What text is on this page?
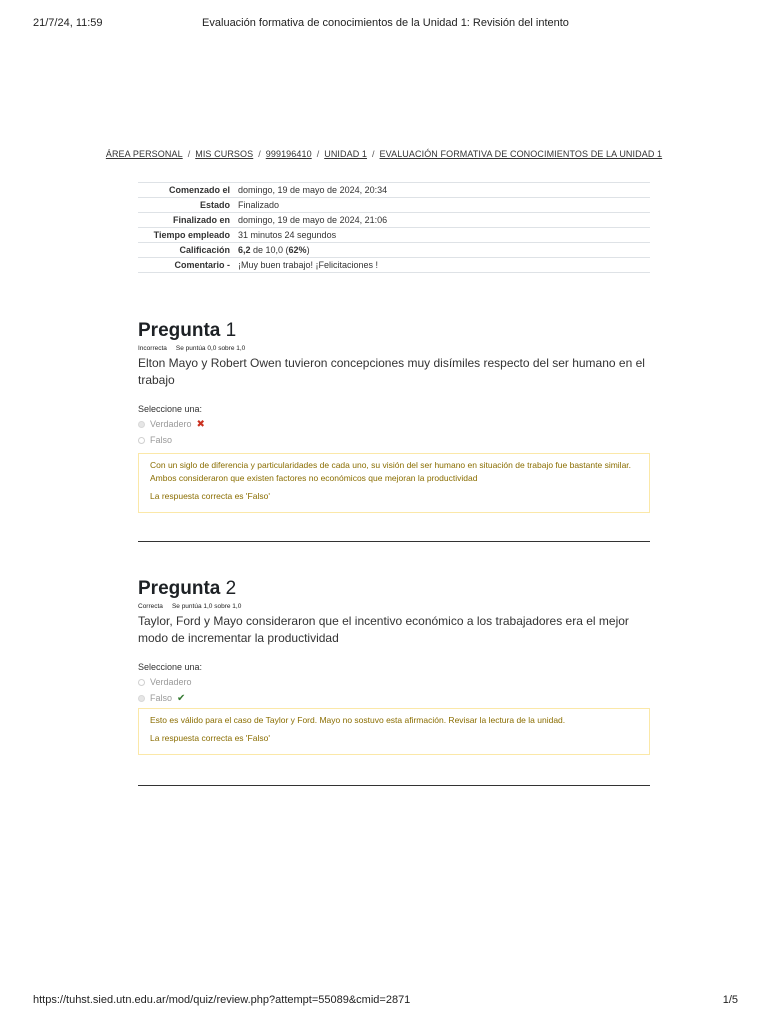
21/7/24, 11:59	Evaluación formativa de conocimientos de la Unidad 1: Revisión del intento
ÁREA PERSONAL / MIS CURSOS / 999196410 / UNIDAD 1 / EVALUACIÓN FORMATIVA DE CONOCIMIENTOS DE LA UNIDAD 1
Comenzado el	domingo, 19 de mayo de 2024, 20:34
Estado	Finalizado
Finalizado en	domingo, 19 de mayo de 2024, 21:06
Tiempo empleado	31 minutos 24 segundos
Calificación	6,2 de 10,0 (62%)
Comentario -	¡Muy buen trabajo! ¡Felicitaciones !
Pregunta 1
Incorrecta Se puntúa 0,0 sobre 1,0
Elton Mayo y Robert Owen tuvieron concepciones muy disímiles respecto del ser humano en el trabajo
Seleccione una:
Verdadero ✖
Falso
Con un siglo de diferencia y particularidades de cada uno, su visión del ser humano en situación de trabajo fue bastante similar. Ambos consideraron que existen factores no económicos que mejoran la productividad
La respuesta correcta es 'Falso'
Pregunta 2
Correcta Se puntúa 1,0 sobre 1,0
Taylor, Ford y Mayo consideraron que el incentivo económico a los trabajadores era el mejor modo de incrementar la productividad
Seleccione una:
Verdadero
Falso ✔
Esto es válido para el caso de Taylor y Ford. Mayo no sostuvo esta afirmación. Revisar la lectura de la unidad.
La respuesta correcta es 'Falso'
https://tuhst.sied.utn.edu.ar/mod/quiz/review.php?attempt=55089&cmid=2871	1/5
